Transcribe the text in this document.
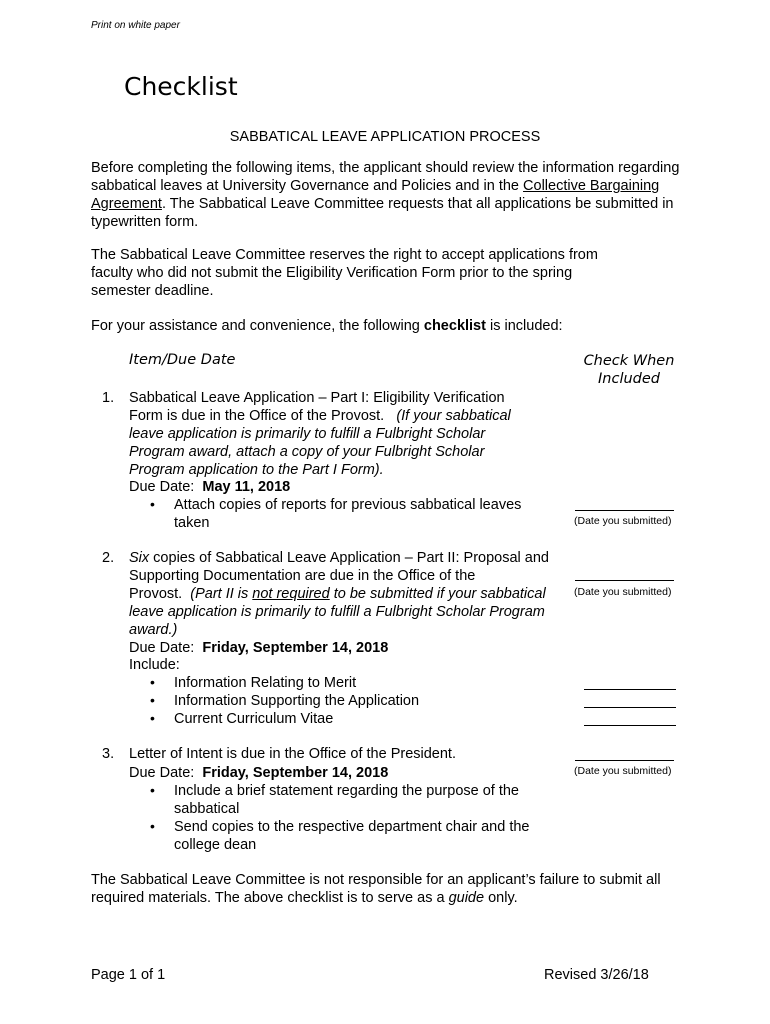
Print on white paper
Checklist
SABBATICAL LEAVE APPLICATION PROCESS
Before completing the following items, the applicant should review the information regarding sabbatical leaves at University Governance and Policies and in the Collective Bargaining Agreement. The Sabbatical Leave Committee requests that all applications be submitted in typewritten form.
The Sabbatical Leave Committee reserves the right to accept applications from faculty who did not submit the Eligibility Verification Form prior to the spring semester deadline.
For your assistance and convenience, the following checklist is included:
Item/Due Date	Check When Included
1. Sabbatical Leave Application – Part I: Eligibility Verification Form is due in the Office of the Provost. (If your sabbatical leave application is primarily to fulfill a Fulbright Scholar Program award, attach a copy of your Fulbright Scholar Program application to the Part I Form).
Due Date: May 11, 2018
• Attach copies of reports for previous sabbatical leaves taken	(Date you submitted)
2. Six copies of Sabbatical Leave Application – Part II: Proposal and Supporting Documentation are due in the Office of the Provost. (Part II is not required to be submitted if your sabbatical leave application is primarily to fulfill a Fulbright Scholar Program award.)
Due Date: Friday, September 14, 2018
Include:
• Information Relating to Merit
• Information Supporting the Application
• Current Curriculum Vitae
(Date you submitted)
3. Letter of Intent is due in the Office of the President.
Due Date: Friday, September 14, 2018
• Include a brief statement regarding the purpose of the sabbatical
• Send copies to the respective department chair and the college dean
(Date you submitted)
The Sabbatical Leave Committee is not responsible for an applicant’s failure to submit all required materials. The above checklist is to serve as a guide only.
Page 1 of 1	Revised 3/26/18
